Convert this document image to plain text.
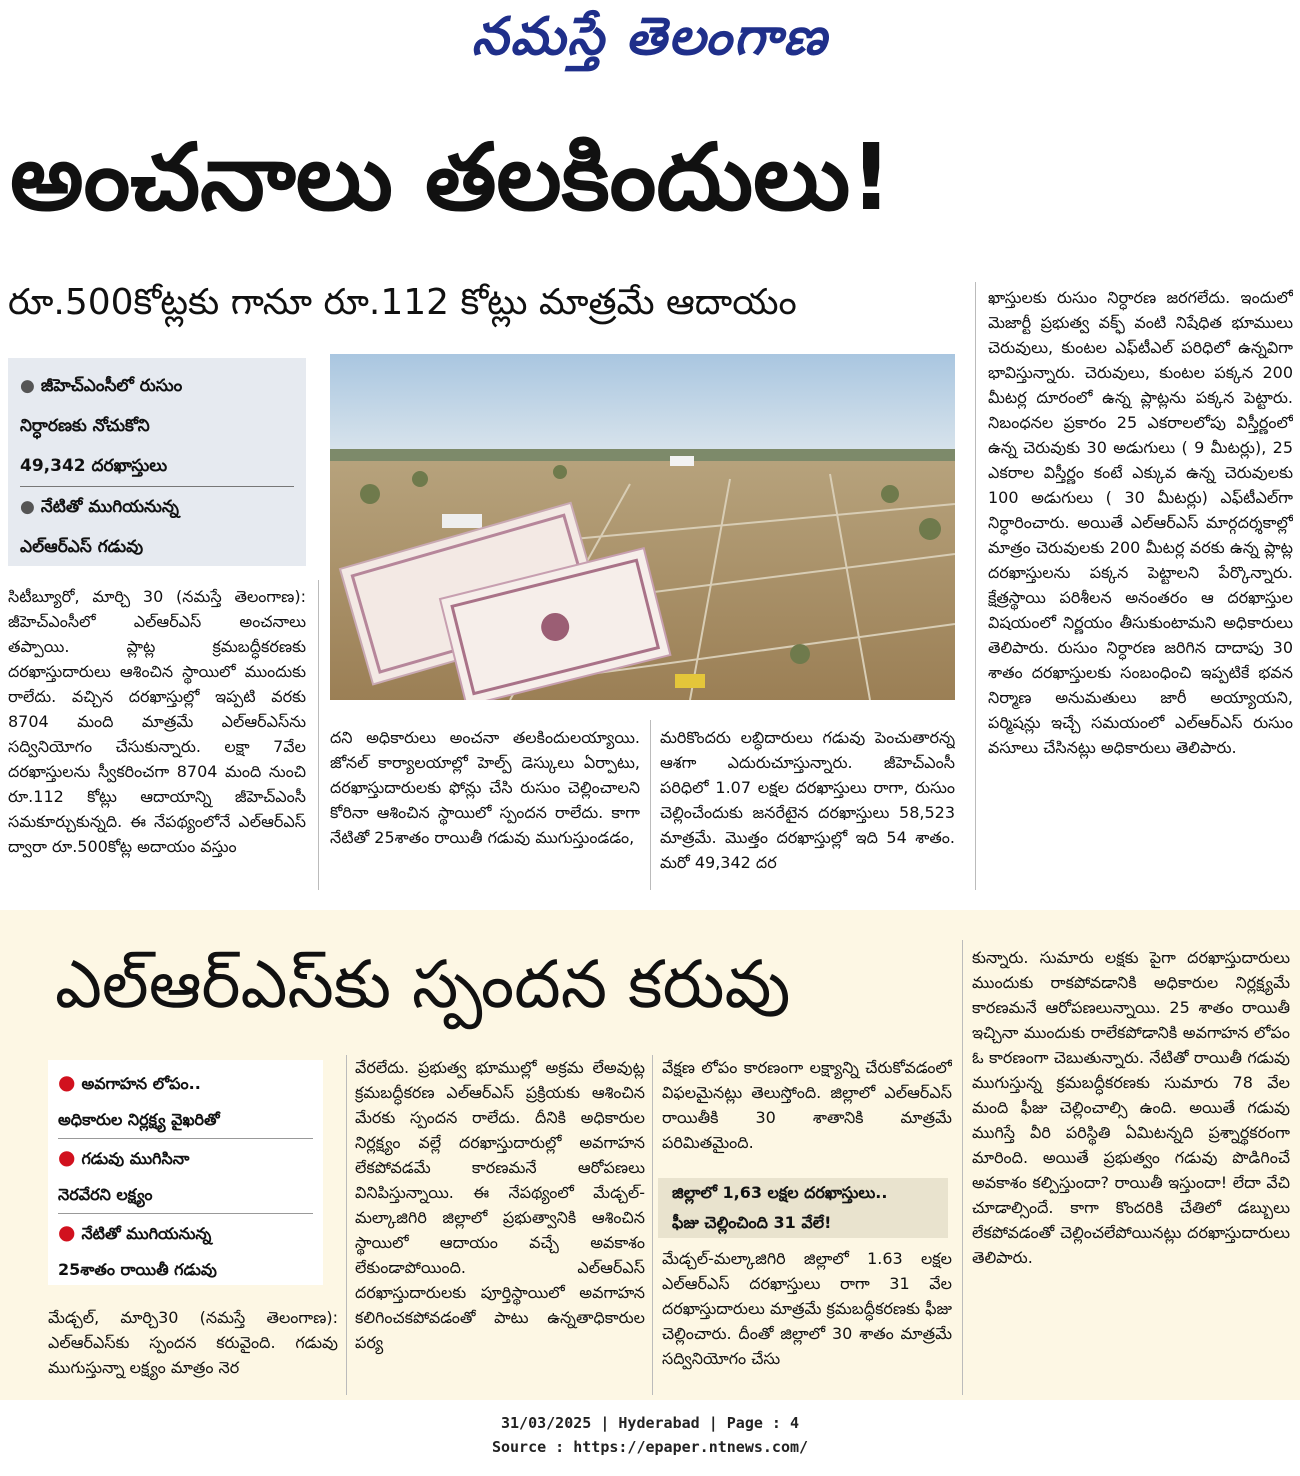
నమస్తే తెలంగాణ
అంచనాలు తలకిందులు!
రూ.500కోట్లకు గానూ రూ.112 కోట్లు మాత్రమే ఆదాయం
● జీహెచ్ఎంసీలో రుసుం
నిర్ధారణకు నోచుకోని
49,342 దరఖాస్తులు
● నేటితో ముగియనున్న
ఎల్ఆర్ఎస్ గడువు

సిటీబ్యూరో, మార్చి 30 (నమస్తే తెలంగాణ): జీహెచ్ఎంసీలో ఎల్ఆర్ఎస్ అంచనాలు తప్పాయి. ప్లాట్ల క్రమబద్ధీకరణకు దరఖాస్తుదారులు ఆశించిన స్థాయిలో ముందుకు రాలేదు. వచ్చిన దరఖాస్తుల్లో ఇప్పటి వరకు 8704 మంది మాత్రమే ఎల్ఆర్ఎస్‌ను సద్వినియోగం చేసుకున్నారు. లక్షా 7వేల దరఖాస్తులను స్వీకరించగా 8704 మంది నుంచి రూ.112 కోట్లు ఆదాయాన్ని జీహెచ్ఎంసీ సమకూర్చుకున్నది. ఈ నేపథ్యంలోనే ఎల్ఆర్ఎస్ ద్వారా రూ.500కోట్ల అదాయం వస్తుం

దని అధికారులు అంచనా తలకిందులయ్యాయి. జోనల్ కార్యాలయాల్లో హెల్ప్ డెస్కులు ఏర్పాటు, దరఖాస్తుదారులకు ఫోన్లు చేసి రుసుం చెల్లించాలని కోరినా ఆశించిన స్థాయిలో స్పందన రాలేదు. కాగా నేటితో 25శాతం రాయితీ గడువు ముగుస్తుండడం,

మరికొందరు లబ్ధిదారులు గడువు పెంచుతారన్న ఆశగా ఎదురుచూస్తున్నారు. జీహెచ్ఎంసీ పరిధిలో 1.07 లక్షల దరఖాస్తులు రాగా, రుసుం చెల్లించేందుకు జనరేటైన దరఖాస్తులు 58,523 మాత్రమే. మొత్తం దరఖాస్తుల్లో ఇది 54 శాతం. మరో 49,342 దర

ఖాస్తులకు రుసుం నిర్ధారణ జరగలేదు. ఇందులో మెజార్టీ ప్రభుత్వ వక్ఫ్ వంటి నిషేధిత భూములు చెరువులు, కుంటల ఎఫ్‌టీఎల్ పరిధిలో ఉన్నవిగా భావిస్తున్నారు. చెరువులు, కుంటల పక్కన 200 మీటర్ల దూరంలో ఉన్న ప్లాట్లను పక్కన పెట్టారు. నిబంధనల ప్రకారం 25 ఎకరాలలోపు విస్తీర్ణంలో ఉన్న చెరువుకు 30 అడుగులు ( 9 మీటర్లు), 25 ఎకరాల విస్తీర్ణం కంటే ఎక్కువ ఉన్న చెరువులకు 100 అడుగులు ( 30 మీటర్లు) ఎఫ్‌టీఎల్‌గా నిర్ధారించారు. అయితే ఎల్ఆర్ఎస్ మార్గదర్శకాల్లో మాత్రం చెరువులకు 200 మీటర్ల వరకు ఉన్న ప్లాట్ల దరఖాస్తులను పక్కన పెట్టాలని పేర్కొన్నారు. క్షేత్రస్థాయి పరిశీలన అనంతరం ఆ దరఖాస్తుల విషయంలో నిర్ణయం తీసుకుంటామని అధికారులు తెలిపారు. రుసుం నిర్ధారణ జరిగిన దాదాపు 30 శాతం దరఖాస్తులకు సంబంధించి ఇప్పటికే భవన నిర్మాణ అనుమతులు జారీ అయ్యాయని, పర్మిషన్లు ఇచ్చే సమయంలో ఎల్ఆర్ఎస్ రుసుం వసూలు చేసినట్లు అధికారులు తెలిపారు.

ఎల్ఆర్ఎస్‌కు స్పందన కరువు
● అవగాహన లోపం..
అధికారుల నిర్లక్ష్య వైఖరితో
● గడువు ముగిసినా
నెరవేరని లక్ష్యం
● నేటితో ముగియనున్న
25శాతం రాయితీ గడువు

మేడ్చల్, మార్చి30 (నమస్తే తెలంగాణ): ఎల్ఆర్ఎస్‌కు స్పందన కరువైంది. గడువు ముగుస్తున్నా లక్ష్యం మాత్రం నెర

వేరలేదు. ప్రభుత్వ భూముల్లో అక్రమ లేఅవుట్ల క్రమబద్ధీకరణ ఎల్ఆర్ఎస్ ప్రక్రియకు ఆశించిన మేరకు స్పందన రాలేదు. దీనికి అధికారుల నిర్లక్ష్యం వల్లే దరఖాస్తుదారుల్లో అవగాహన లేకపోవడమే కారణమనే ఆరోపణలు వినిపిస్తున్నాయి. ఈ నేపథ్యంలో మేడ్చల్-మల్కాజిగిరి జిల్లాలో ప్రభుత్వానికి ఆశించిన స్థాయిలో ఆదాయం వచ్చే అవకాశం లేకుండాపోయింది. ఎల్ఆర్ఎస్ దరఖాస్తుదారులకు పూర్తిస్థాయిలో అవగాహన కలిగించకపోవడంతో పాటు ఉన్నతాధికారుల పర్య

వేక్షణ లోపం కారణంగా లక్ష్యాన్ని చేరుకోవడంలో విఫలమైనట్లు తెలుస్తోంది. జిల్లాలో ఎల్ఆర్ఎస్ రాయితీకి 30 శాతానికి మాత్రమే పరిమితమైంది.

జిల్లాలో 1,63 లక్షల దరఖాస్తులు..
ఫీజు చెల్లించింది 31 వేలే!

మేడ్చల్-మల్కాజిగిరి జిల్లాలో 1.63 లక్షల ఎల్ఆర్ఎస్ దరఖాస్తులు రాగా 31 వేల దరఖాస్తుదారులు మాత్రమే క్రమబద్ధీకరణకు ఫీజు చెల్లించారు. దీంతో జిల్లాలో 30 శాతం మాత్రమే సద్వినియోగం చేసు

కున్నారు. సుమారు లక్షకు పైగా దరఖాస్తుదారులు ముందుకు రాకపోవడానికి అధికారుల నిర్లక్ష్యమే కారణమనే ఆరోపణలున్నాయి. 25 శాతం రాయితీ ఇచ్చినా ముందుకు రాలేకపోడానికి అవగాహన లోపం ఓ కారణంగా చెబుతున్నారు. నేటితో రాయితీ గడువు ముగుస్తున్న క్రమబద్ధీకరణకు సుమారు 78 వేల మంది ఫీజు చెల్లించాల్సి ఉంది. అయితే గడువు ముగిస్తే వీరి పరిస్థితి ఏమిటన్నది ప్రశ్నార్థకరంగా మారింది. అయితే ప్రభుత్వం గడువు పొడిగించే అవకాశం కల్పిస్తుందా? రాయితీ ఇస్తుందా! లేదా వేచి చూడాల్సిందే. కాగా కొందరికి చేతిలో డబ్బులు లేకపోవడంతో చెల్లించలేపోయినట్లు దరఖాస్తుదారులు తెలిపారు.

31/03/2025 | Hyderabad | Page : 4
Source : https://epaper.ntnews.com/
